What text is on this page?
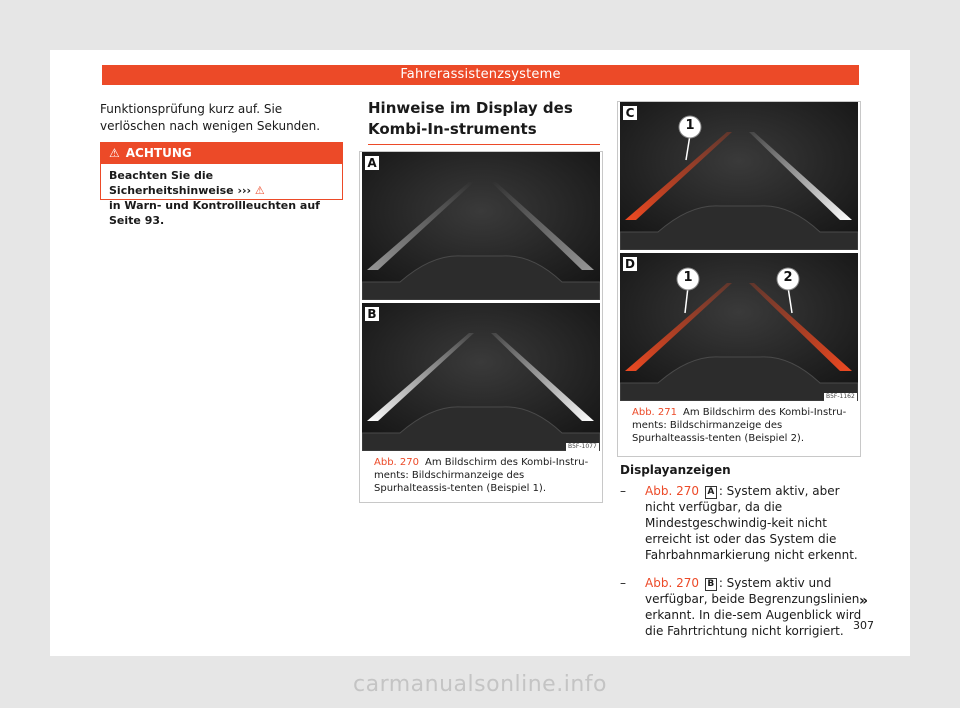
Fahrerassistenzsysteme
Funktionsprüfung kurz auf. Sie verlöschen nach wenigen Sekunden.
⚠ ACHTUNG
Beachten Sie die Sicherheitshinweise ››› ⚠
in Warn- und Kontrollleuchten auf Seite 93.
Hinweise im Display des Kombi-In-struments
A
B
B5F-1077
Abb. 270 Am Bildschirm des Kombi-Instru-ments: Bildschirmanzeige des Spurhalteassis-tenten (Beispiel 1).
C
1
D
1	2
B5F-1162
Abb. 271 Am Bildschirm des Kombi-Instru-ments: Bildschirmanzeige des Spurhalteassis-tenten (Beispiel 2).
Displayanzeigen
– Abb. 270 A : System aktiv, aber nicht verfügbar, da die Mindestgeschwindig-keit nicht erreicht ist oder das System die Fahrbahnmarkierung nicht erkennt.
– Abb. 270 B : System aktiv und verfügbar, beide Begrenzungslinien erkannt. In die-sem Augenblick wird die Fahrtrichtung nicht korrigiert.
»
307
carmanualsonline.info
